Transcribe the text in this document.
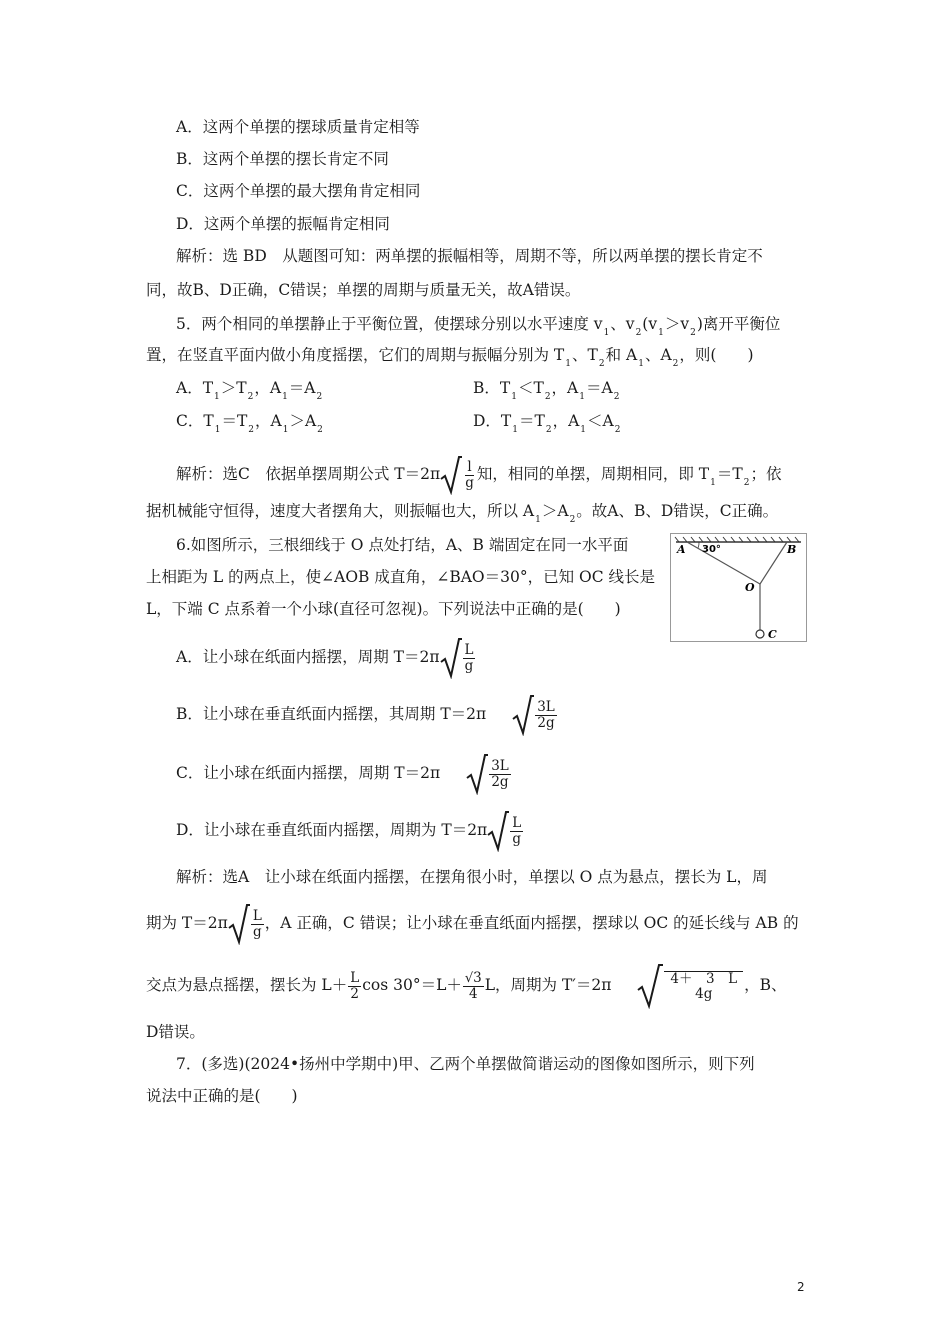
A．这两个单摆的摆球质量肯定相等
B．这两个单摆的摆长肯定不同
C．这两个单摆的最大摆角肯定相同
D．这两个单摆的振幅肯定相同
解析：选 BD　从题图可知：两单摆的振幅相等，周期不等，所以两单摆的摆长肯定不
同，故B、D正确，C错误；单摆的周期与质量无关，故A错误。
5．两个相同的单摆静止于平衡位置，使摆球分别以水平速度 $v_1$、$v_2(v_1>v_2)$离开平衡位
置，在竖直平面内做小角度摇摆，它们的周期与振幅分别为 $T_1$、$T_2$和 $A_1$、$A_2$，则(　　)
A．$T_1>T_2$，$A_1=A_2$	B．$T_1<T_2$，$A_1=A_2$
C．$T_1=T_2$，$A_1>A_2$	D．$T_1=T_2$，$A_1<A_2$
解析：选C　依据单摆周期公式 $T=2\pi \frac{l}{g}$ 知，相同的单摆，周期相同，即 $T_1=T_2$；依
据机械能守恒得，速度大者摆角大，则振幅也大，所以 $A_1>A_2$。故A、B、D错误，C正确。
6.如图所示，三根细线于 O 点处打结，A、B 端固定在同一水平面
上相距为 L 的两点上，使∠AOB 成直角，∠BAO＝30°，已知 OC 线长是
L，下端 C 点系着一个小球(直径可忽视)。下列说法中正确的是(　　)
A 30°	B
O
C
A．让小球在纸面内摇摆，周期 $T=2\pi \frac{L}{g}$
B．让小球在垂直纸面内摇摆，其周期 T＝2π	$\frac{3L}{2g}$
C．让小球在纸面内摇摆，周期 T＝2π	$\frac{3L}{2g}$
D．让小球在垂直纸面内摇摆，周期为 $T=2\pi \frac{L}{g}$
解析：选A　让小球在纸面内摇摆，在摆角很小时，单摆以 O 点为悬点，摆长为 L，周
期为 $T=2\pi \frac{L}{g}$ ，A 正确，C 错误；让小球在垂直纸面内摇摆，摆球以 OC 的延长线与 AB 的
交点为悬点摇摆，摆长为 $L+ \frac{L}{2}$ $\cos 30^\circ=L+ \frac{√3}{4}$ L，周期为 T′＝2π	4＋　3　L
4g ，B、
D错误。
7．(多选)(2024•扬州中学期中)甲、乙两个单摆做简谐运动的图像如图所示，则下列
说法中正确的是(　　)
2
